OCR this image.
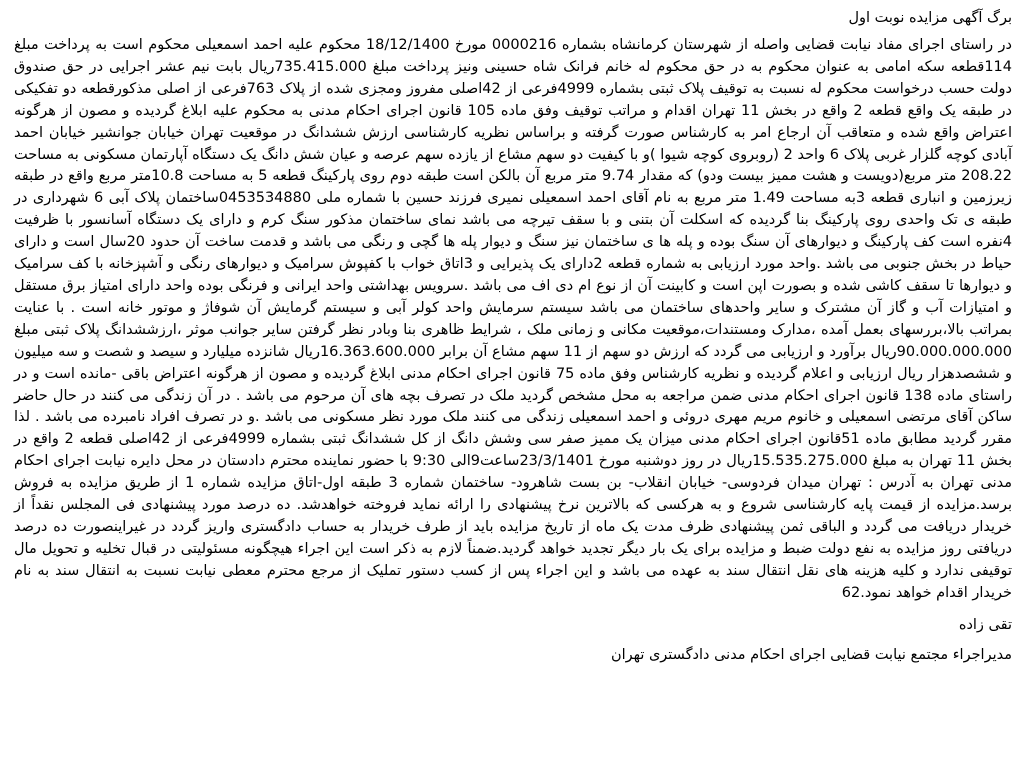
برگ آگهی مزایده نوبت اول

در راستای اجرای مفاد نیابت قضایی واصله از شهرستان کرمانشاه بشماره 0000216 مورخ 18/12/1400 محکوم علیه احمد اسمعیلی محکوم است به پرداخت مبلغ 114قطعه سکه امامی به عنوان محکوم به در حق محکوم له خانم فرانک شاه حسینی ونیز پرداخت مبلغ 735.415.000ریال بابت نیم عشر اجرایی در حق صندوق دولت حسب درخواست محکوم له نسبت به توقیف پلاک ثبتی بشماره 4999فرعی از 42اصلی مفروز ومجزی شده از پلاک 763فرعی از اصلی مذکورقطعه دو تفکیکی در طبقه یک واقع قطعه 2 واقع در بخش 11 تهران اقدام و مراتب توقیف وفق ماده 105 قانون اجرای احکام مدنی به محکوم علیه ابلاغ گردیده و مصون از هرگونه اعتراض واقع شده و متعاقب آن ارجاع امر به کارشناس صورت گرفته و براساس نظریه کارشناسی ارزش ششدانگ در موقعیت تهران خیابان جوانشیر خیابان احمد آبادی کوچه گلزار غربی پلاک 6 واحد 2 (روبروی کوچه شیوا )و با کیفیت دو سهم مشاع از یازده سهم عرصه و عیان شش دانگ یک دستگاه آپارتمان مسکونی به مساحت 208.22 متر مربع(دویست و هشت ممیز بیست ودو) که مقدار 9.74 متر مربع آن بالکن است طبقه دوم روی پارکینگ قطعه 5 به مساحت 10.8متر مربع واقع در طبقه زیرزمین و انباری قطعه 3به مساحت 1.49 متر مربع به نام آقای احمد اسمعیلی نمیری فرزند حسین با شماره ملی 0453534880ساختمان پلاک آبی 6 شهرداری در طبقه ی تک واحدی روی پارکینگ بنا گردیده که اسکلت آن بتنی و با سقف تیرچه می باشد نمای ساختمان مذکور سنگ کرم و دارای یک دستگاه آسانسور با ظرفیت 4نفره است کف پارکینگ و دیوارهای آن سنگ بوده و پله ها ی ساختمان نیز سنگ و دیوار پله ها گچی و رنگی می باشد و قدمت ساخت آن حدود 20سال است و دارای حیاط در بخش جنوبی می باشد .واحد مورد ارزیابی به شماره قطعه 2دارای یک پذیرایی و 3اتاق خواب با کفپوش سرامیک و دیوارهای رنگی و آشپزخانه با کف سرامیک و دیوارها تا سقف کاشی شده و بصورت اپن است و کابینت آن از نوع ام دی اف می باشد .سرویس بهداشتی واحد ایرانی و فرنگی بوده واحد دارای امتیاز برق مستقل و امتیازات آب و گاز آن مشترک و سایر واحدهای ساختمان می باشد سیستم سرمایش واحد کولر آبی و سیستم گرمایش آن شوفاژ و موتور خانه است . با عنایت بمراتب بالا،بررسهای بعمل آمده ،مدارک ومستندات،موقعیت مکانی و زمانی ملک ، شرایط ظاهری بنا وبادر نظر گرفتن سایر جوانب موثر ،ارزششدانگ پلاک ثبتی مبلغ 90.000.000.000ریال برآورد و ارزیابی می گردد که ارزش دو سهم از 11 سهم مشاع آن برابر 16.363.600.000ریال شانزده میلیارد و سیصد و شصت و سه میلیون و ششصدهزار ریال ارزیابی و اعلام گردیده و نظریه کارشناس وفق ماده 75 قانون اجرای احکام مدنی ابلاغ گردیده و مصون از هرگونه اعتراض باقی -مانده است و در راستای ماده 138 قانون اجرای احکام مدنی ضمن مراجعه به محل مشخص گردید ملک در تصرف بچه های آن مرحوم می باشد . در آن زندگی می کنند در حال حاضر ساکن آقای مرتضی اسمعیلی و خانوم مریم مهری دروئی و احمد اسمعیلی زندگی می کنند ملک مورد نظر مسکونی می باشد .و در تصرف افراد نامبرده می باشد . لذا مقرر گردید مطابق ماده 51قانون اجرای احکام مدنی میزان یک ممیز صفر سی وشش دانگ از کل ششدانگ ثبتی بشماره 4999فرعی از 42اصلی قطعه 2 واقع در بخش 11 تهران به مبلغ 15.535.275.000ریال در روز دوشنبه مورخ 23/3/1401ساعت9الی 9:30 با حضور نماینده محترم دادستان در محل دایره نیابت اجرای احکام مدنی تهران به آدرس : تهران میدان فردوسی- خیابان انقلاب- بن بست شاهرود- ساختمان شماره 3 طبقه اول-اتاق مزایده شماره 1 از طریق مزایده به فروش برسد.مزایده از قیمت پایه کارشناسی شروع و به هرکسی که بالاترین نرخ پیشنهادی را ارائه نماید فروخته خواهدشد. ده درصد مورد پیشنهادی فی المجلس نقداً از خریدار دریافت می گردد و الباقی ثمن پیشنهادی ظرف مدت یک ماه از تاریخ مزایده باید از طرف خریدار به حساب دادگستری واریز گردد در غیراینصورت ده درصد دریافتی روز مزایده به نفع دولت ضبط و مزایده برای یک بار دیگر تجدید خواهد گردید.ضمناً لازم به ذکر است این اجراء هیچگونه مسئولیتی در قبال تخلیه و تحویل مال توقیفی ندارد و کلیه هزینه های نقل انتقال سند به عهده می باشد و این اجراء پس از کسب دستور تملیک از مرجع محترم معطی نیابت نسبت به انتقال سند به نام خریدار اقدام خواهد نمود.62

تقی زاده
مدیراجراء مجتمع نیابت قضایی اجرای احکام مدنی دادگستری تهران
